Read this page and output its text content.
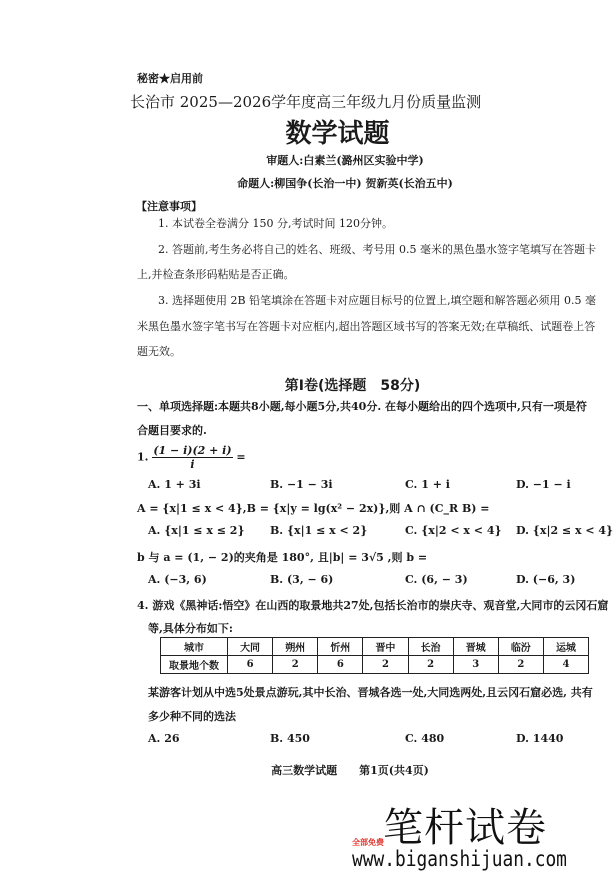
秘密★启用前
长治市 2025—2026学年度高三年级九月份质量监测
数学试题
审题人:白素兰(潞州区实验中学)
命题人:柳国争(长治一中) 贺新英(长治五中)
【注意事项】
1. 本试卷全卷满分 150 分,考试时间 120分钟。
2. 答题前,考生务必将自己的姓名、班级、考号用 0.5 毫米的黑色墨水签字笔填写在答题卡
上,并检查条形码粘贴是否正确。
3. 选择题使用 2B 铅笔填涂在答题卡对应题目标号的位置上,填空题和解答题必须用 0.5 毫
米黑色墨水签字笔书写在答题卡对应框内,超出答题区域书写的答案无效;在草稿纸、试题卷上答
题无效。
第Ⅰ卷(选择题　58分)
一、单项选择题:本题共8小题,每小题5分,共40分. 在每小题给出的四个选项中,只有一项是符
合题目要求的.
1. $\frac{(1 - i)(2 + i)}{i}$ =
A. 1 + 3i	B. −1 − 3i	C. 1 + i	D. −1 − i
A = {x|1 ≤ x < 4},B = {x|y = lg(x² − 2x)},则 A ∩ (C_R B) =
A. {x|1 ≤ x ≤ 2} B. {x|1 ≤ x < 2}	C. {x|2 < x < 4} D. {x|2 ≤ x < 4}
b 与 a = (1, − 2)的夹角是 180°, 且|b| = 3√5 ,则 b =
A. (−3, 6)	B. (3, − 6)	C. (6, − 3)	D. (−6, 3)
4. 游戏《黑神话:悟空》在山西的取景地共27处,包括长治市的崇庆寺、观音堂,大同市的云冈石窟
等,具体分布如下:
城市	大同	朔州	忻州	晋中	长治	晋城	临汾	运城
取景地个数	6	2	6	2	2	3	2	4
某游客计划从中选5处景点游玩,其中长治、晋城各选一处,大同选两处,且云冈石窟必选, 共有
多少种不同的选法
A. 26	B. 450	C. 480	D. 1440
高三数学试题　　第1页(共4页)
笔杆试卷
全部免费
www.biganshijuan.com
